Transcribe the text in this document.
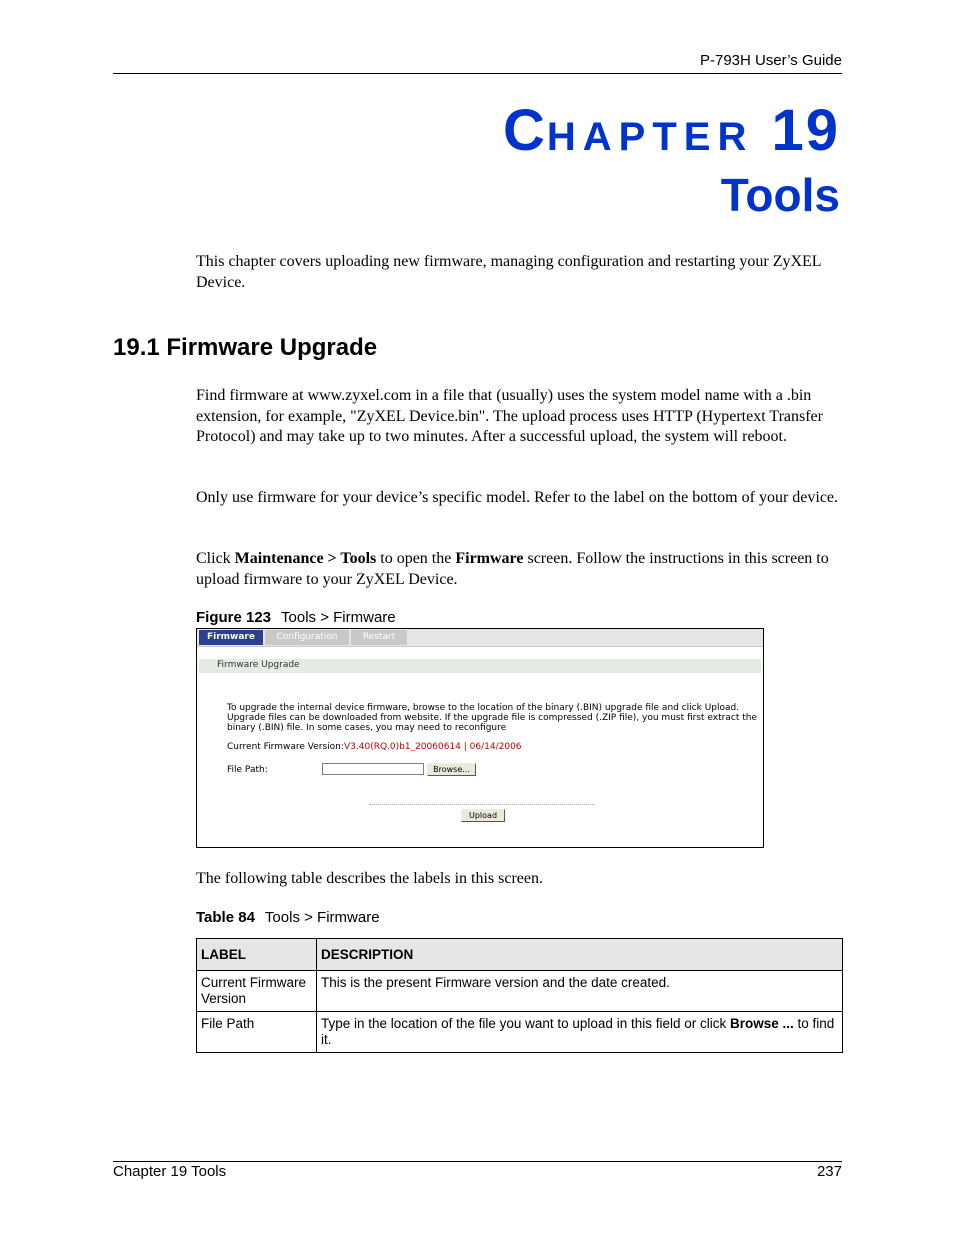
P-793H User’s Guide
CHAPTER 19
Tools
This chapter covers uploading new firmware, managing configuration and restarting your ZyXEL Device.
19.1 Firmware Upgrade
Find firmware at www.zyxel.com in a file that (usually) uses the system model name with a .bin extension, for example, "ZyXEL Device.bin". The upload process uses HTTP (Hypertext Transfer Protocol) and may take up to two minutes. After a successful upload, the system will reboot.
Only use firmware for your device’s specific model. Refer to the label on the bottom of your device.
Click Maintenance > Tools to open the Firmware screen. Follow the instructions in this screen to upload firmware to your ZyXEL Device.
Figure 123 Tools > Firmware
Firmware	Configuration	Restart
Firmware Upgrade
To upgrade the internal device firmware, browse to the location of the binary (.BIN) upgrade file and click Upload.
Upgrade files can be downloaded from website. If the upgrade file is compressed (.ZIP file), you must first extract the
binary (.BIN) file. In some cases, you may need to reconfigure
Current Firmware Version: V3.40(RQ.0)b1_20060614 | 06/14/2006
File Path:	Browse...
Upload
The following table describes the labels in this screen.
Table 84 Tools > Firmware
LABEL	DESCRIPTION
Current Firmware Version	This is the present Firmware version and the date created.
File Path	Type in the location of the file you want to upload in this field or click Browse ... to find it.
Chapter 19 Tools	237
